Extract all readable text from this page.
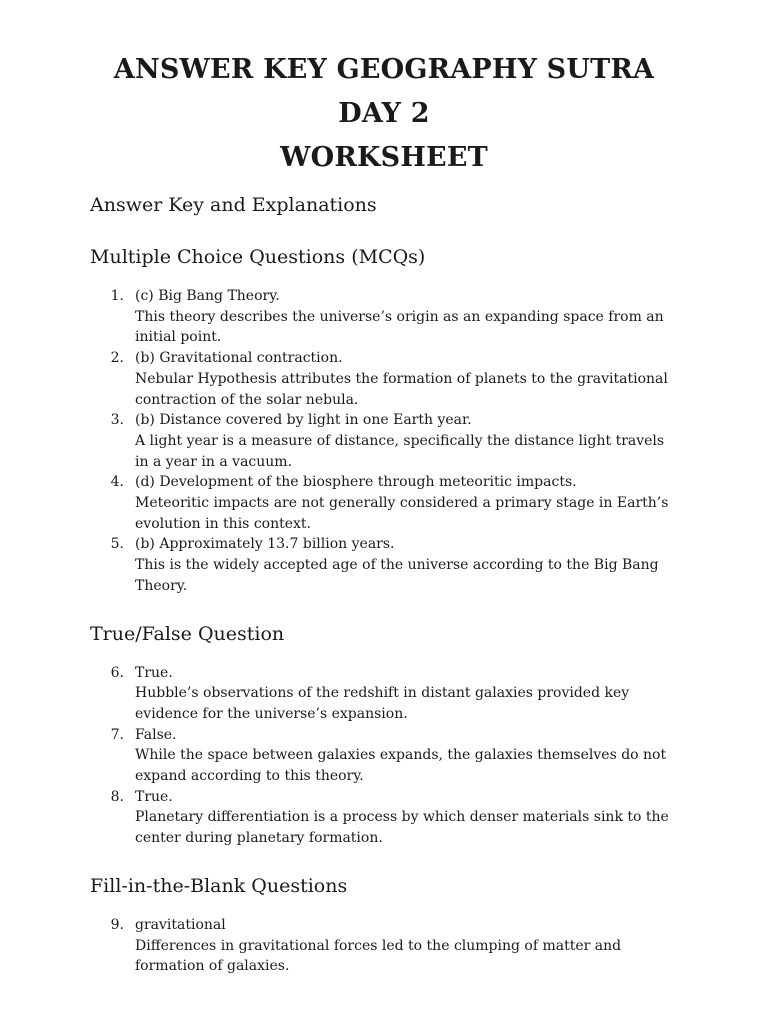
ANSWER KEY GEOGRAPHY SUTRA DAY 2
WORKSHEET
Answer Key and Explanations
Multiple Choice Questions (MCQs)
1. (c) Big Bang Theory.
This theory describes the universe’s origin as an expanding space from an initial point.
2. (b) Gravitational contraction.
Nebular Hypothesis attributes the formation of planets to the gravitational contraction of the solar nebula.
3. (b) Distance covered by light in one Earth year.
A light year is a measure of distance, specifically the distance light travels in a year in a vacuum.
4. (d) Development of the biosphere through meteoritic impacts.
Meteoritic impacts are not generally considered a primary stage in Earth’s evolution in this context.
5. (b) Approximately 13.7 billion years.
This is the widely accepted age of the universe according to the Big Bang Theory.
True/False Question
6. True.
Hubble’s observations of the redshift in distant galaxies provided key evidence for the universe’s expansion.
7. False.
While the space between galaxies expands, the galaxies themselves do not expand according to this theory.
8. True.
Planetary differentiation is a process by which denser materials sink to the center during planetary formation.
Fill-in-the-Blank Questions
9. gravitational
Differences in gravitational forces led to the clumping of matter and formation of galaxies.
